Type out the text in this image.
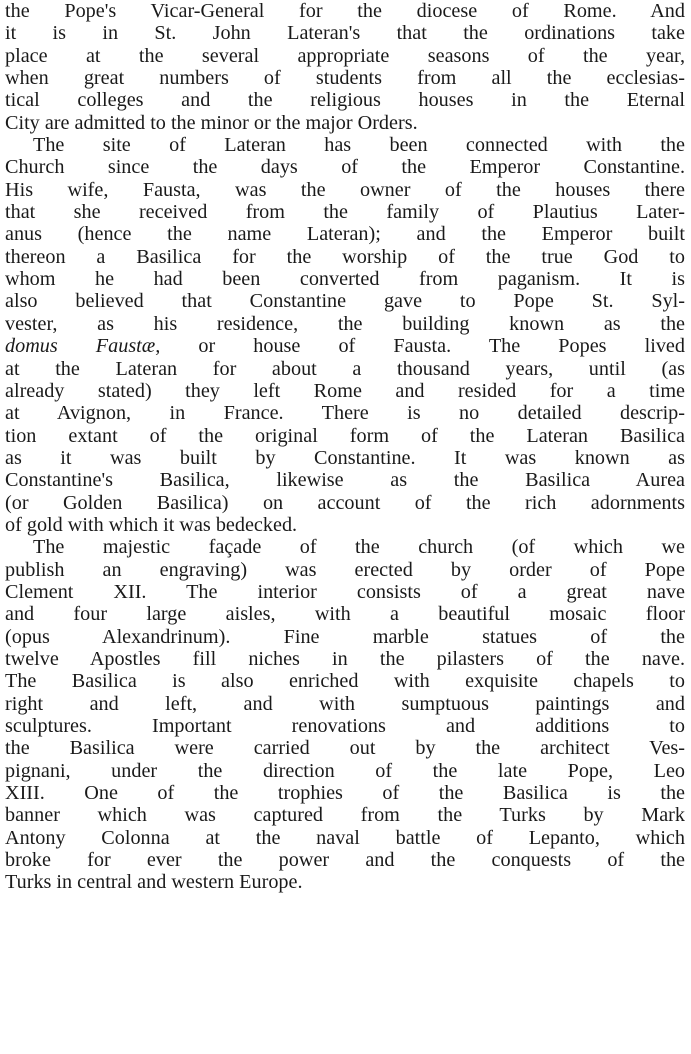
the Pope's Vicar-General for the diocese of Rome. And
it is in St. John Lateran's that the ordinations take
place at the several appropriate seasons of the year,
when great numbers of students from all the ecclesias-
tical colleges and the religious houses in the Eternal
City are admitted to the minor or the major Orders.
The site of Lateran has been connected with the
Church since the days of the Emperor Constantine.
His wife, Fausta, was the owner of the houses there
that she received from the family of Plautius Later-
anus (hence the name Lateran); and the Emperor built
thereon a Basilica for the worship of the true God to
whom he had been converted from paganism. It is
also believed that Constantine gave to Pope St. Syl-
vester, as his residence, the building known as the
domus Faustæ, or house of Fausta. The Popes lived
at the Lateran for about a thousand years, until (as
already stated) they left Rome and resided for a time
at Avignon, in France. There is no detailed descrip-
tion extant of the original form of the Lateran Basilica
as it was built by Constantine. It was known as
Constantine's Basilica, likewise as the Basilica Aurea
(or Golden Basilica) on account of the rich adornments
of gold with which it was bedecked.
The majestic façade of the church (of which we
publish an engraving) was erected by order of Pope
Clement XII. The interior consists of a great nave
and four large aisles, with a beautiful mosaic floor
(opus Alexandrinum). Fine marble statues of the
twelve Apostles fill niches in the pilasters of the nave.
The Basilica is also enriched with exquisite chapels to
right and left, and with sumptuous paintings and
sculptures. Important renovations and additions to
the Basilica were carried out by the architect Ves-
pignani, under the direction of the late Pope, Leo
XIII. One of the trophies of the Basilica is the
banner which was captured from the Turks by Mark
Antony Colonna at the naval battle of Lepanto, which
broke for ever the power and the conquests of the
Turks in central and western Europe.
